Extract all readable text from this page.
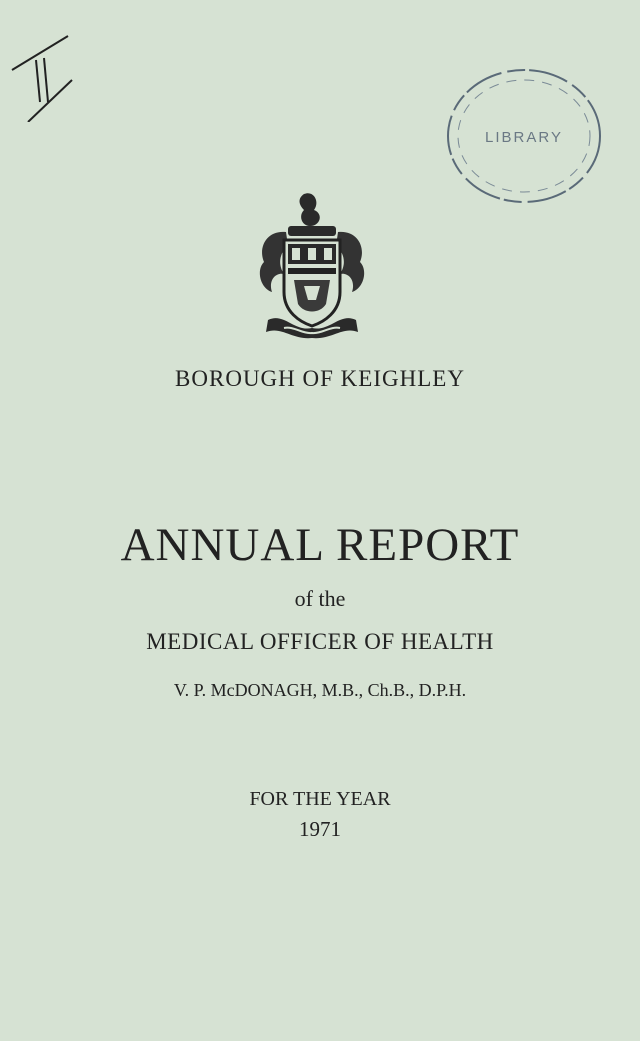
LIBRARY
BOROUGH OF KEIGHLEY
ANNUAL REPORT
of the
MEDICAL OFFICER OF HEALTH
V. P. McDONAGH, M.B., Ch.B., D.P.H.
FOR THE YEAR
1971
